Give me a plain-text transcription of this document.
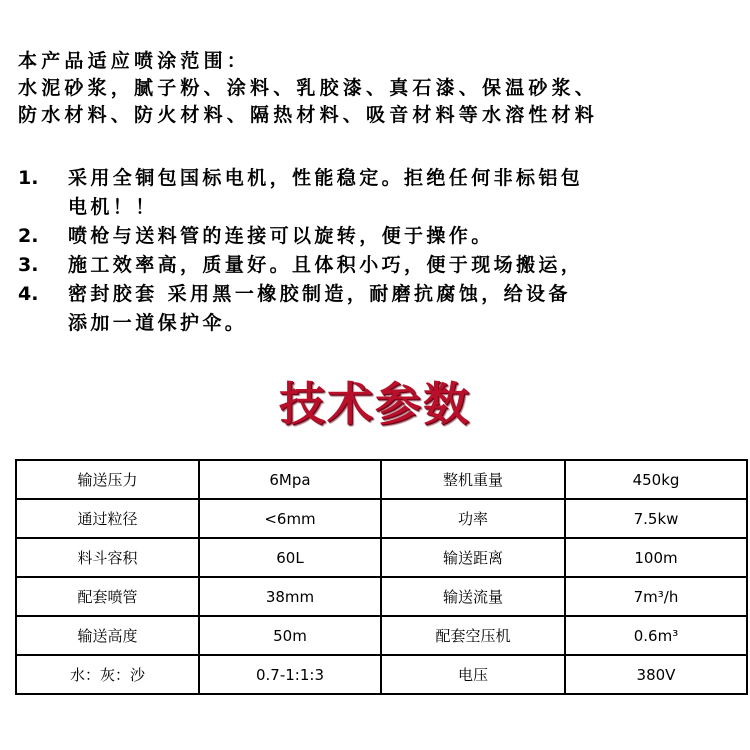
本产品适应喷涂范围：
水泥砂浆，腻子粉、涂料、乳胶漆、真石漆、保温砂浆、
防水材料、防火材料、隔热材料、吸音材料等水溶性材料
1. 采用全铜包国标电机，性能稳定。拒绝任何非标铝包
电机！！
2. 喷枪与送料管的连接可以旋转，便于操作。
3. 施工效率高，质量好。且体积小巧，便于现场搬运，
4. 密封胶套 采用黑一橡胶制造，耐磨抗腐蚀，给设备
添加一道保护伞。
技术参数
输送压力	6Mpa	整机重量	450kg
通过粒径	<6mm	功率	7.5kw
料斗容积	60L	输送距离	100m
配套喷管	38mm	输送流量	7m³/h
输送高度	50m	配套空压机	0.6m³
水：灰：沙	0.7-1:1:3	电压	380V
